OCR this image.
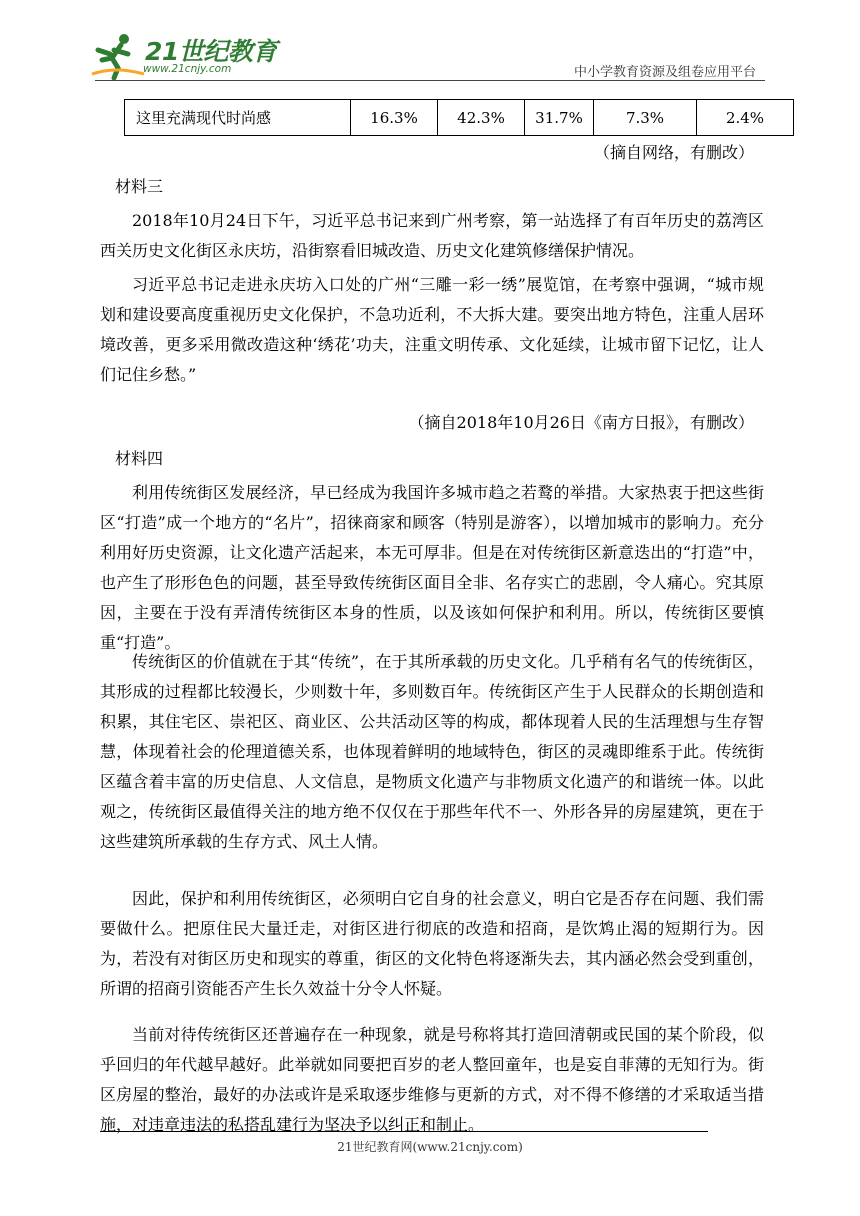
21世纪教育
www.21cnjy.com	中小学教育资源及组卷应用平台
这里充满现代时尚感	16.3%	42.3%	31.7%	7.3%	2.4%
（摘自网络，有删改）
材料三
2018年10月24日下午，习近平总书记来到广州考察，第一站选择了有百年历史的荔湾区西关历史文化街区永庆坊，沿街察看旧城改造、历史文化建筑修缮保护情况。
习近平总书记走进永庆坊入口处的广州“三雕一彩一绣”展览馆，在考察中强调，“城市规划和建设要高度重视历史文化保护，不急功近利，不大拆大建。要突出地方特色，注重人居环境改善，更多采用微改造这种‘绣花’功夫，注重文明传承、文化延续，让城市留下记忆，让人们记住乡愁。”
（摘自2018年10月26日《南方日报》，有删改）
材料四
利用传统街区发展经济，早已经成为我国许多城市趋之若鹜的举措。大家热衷于把这些街区“打造”成一个地方的“名片”，招徕商家和顾客（特别是游客），以增加城市的影响力。充分利用好历史资源，让文化遗产活起来，本无可厚非。但是在对传统街区新意迭出的“打造”中，也产生了形形色色的问题，甚至导致传统街区面目全非、名存实亡的悲剧，令人痛心。究其原因，主要在于没有弄清传统街区本身的性质，以及该如何保护和利用。所以，传统街区要慎重“打造”。
传统街区的价值就在于其“传统”，在于其所承载的历史文化。几乎稍有名气的传统街区，其形成的过程都比较漫长，少则数十年，多则数百年。传统街区产生于人民群众的长期创造和积累，其住宅区、崇祀区、商业区、公共活动区等的构成，都体现着人民的生活理想与生存智慧，体现着社会的伦理道德关系，也体现着鲜明的地域特色，街区的灵魂即维系于此。传统街区蕴含着丰富的历史信息、人文信息，是物质文化遗产与非物质文化遗产的和谐统一体。以此观之，传统街区最值得关注的地方绝不仅仅在于那些年代不一、外形各异的房屋建筑，更在于这些建筑所承载的生存方式、风土人情。
因此，保护和利用传统街区，必须明白它自身的社会意义，明白它是否存在问题、我们需要做什么。把原住民大量迁走，对街区进行彻底的改造和招商，是饮鸩止渴的短期行为。因为，若没有对街区历史和现实的尊重，街区的文化特色将逐渐失去，其内涵必然会受到重创，所谓的招商引资能否产生长久效益十分令人怀疑。
当前对待传统街区还普遍存在一种现象，就是号称将其打造回清朝或民国的某个阶段，似乎回归的年代越早越好。此举就如同要把百岁的老人整回童年，也是妄自菲薄的无知行为。街区房屋的整治，最好的办法或许是采取逐步维修与更新的方式，对不得不修缮的才采取适当措施，对违章违法的私搭乱建行为坚决予以纠正和制止。
21世纪教育网(www.21cnjy.com)
